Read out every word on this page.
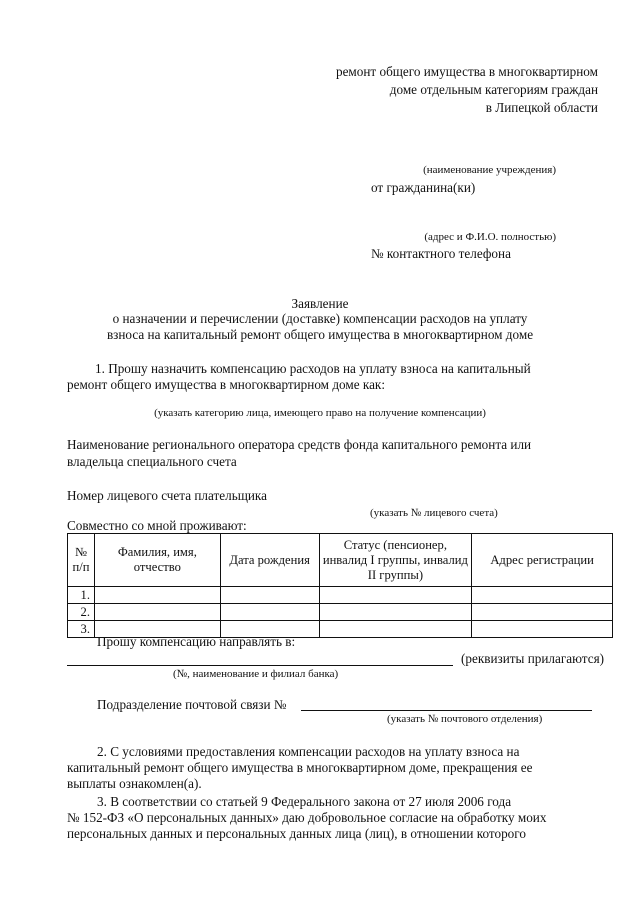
ремонт общего имущества в многоквартирном
доме отдельным категориям граждан
в Липецкой области
(наименование учреждения)
от гражданина(ки)
(адрес и Ф.И.О. полностью)
№ контактного телефона
Заявление
о назначении и перечислении (доставке) компенсации расходов на уплату
взноса на капитальный ремонт общего имущества в многоквартирном доме
1. Прошу назначить компенсацию расходов на уплату взноса на капитальный
ремонт общего имущества в многоквартирном доме как:
(указать категорию лица, имеющего право на получение компенсации)
Наименование регионального оператора средств фонда капитального ремонта или
владельца специального счета
Номер лицевого счета плательщика
(указать № лицевого счета)
Совместно со мной проживают:
№ п/п	Фамилия, имя, отчество	Дата рождения	Статус (пенсионер, инвалид I группы, инвалид II группы)	Адрес регистрации
1.				
2.				
3.				
Прошу компенсацию направлять в:
(реквизиты прилагаются)
(№, наименование и филиал банка)
Подразделение почтовой связи №
(указать № почтового отделения)
2. С условиями предоставления компенсации расходов на уплату взноса на
капитальный ремонт общего имущества в многоквартирном доме, прекращения ее
выплаты ознакомлен(а).
3. В соответствии со статьей 9 Федерального закона от 27 июля 2006 года
№ 152-ФЗ «О персональных данных» даю добровольное согласие на обработку моих
персональных данных и персональных данных лица (лиц), в отношении которого
